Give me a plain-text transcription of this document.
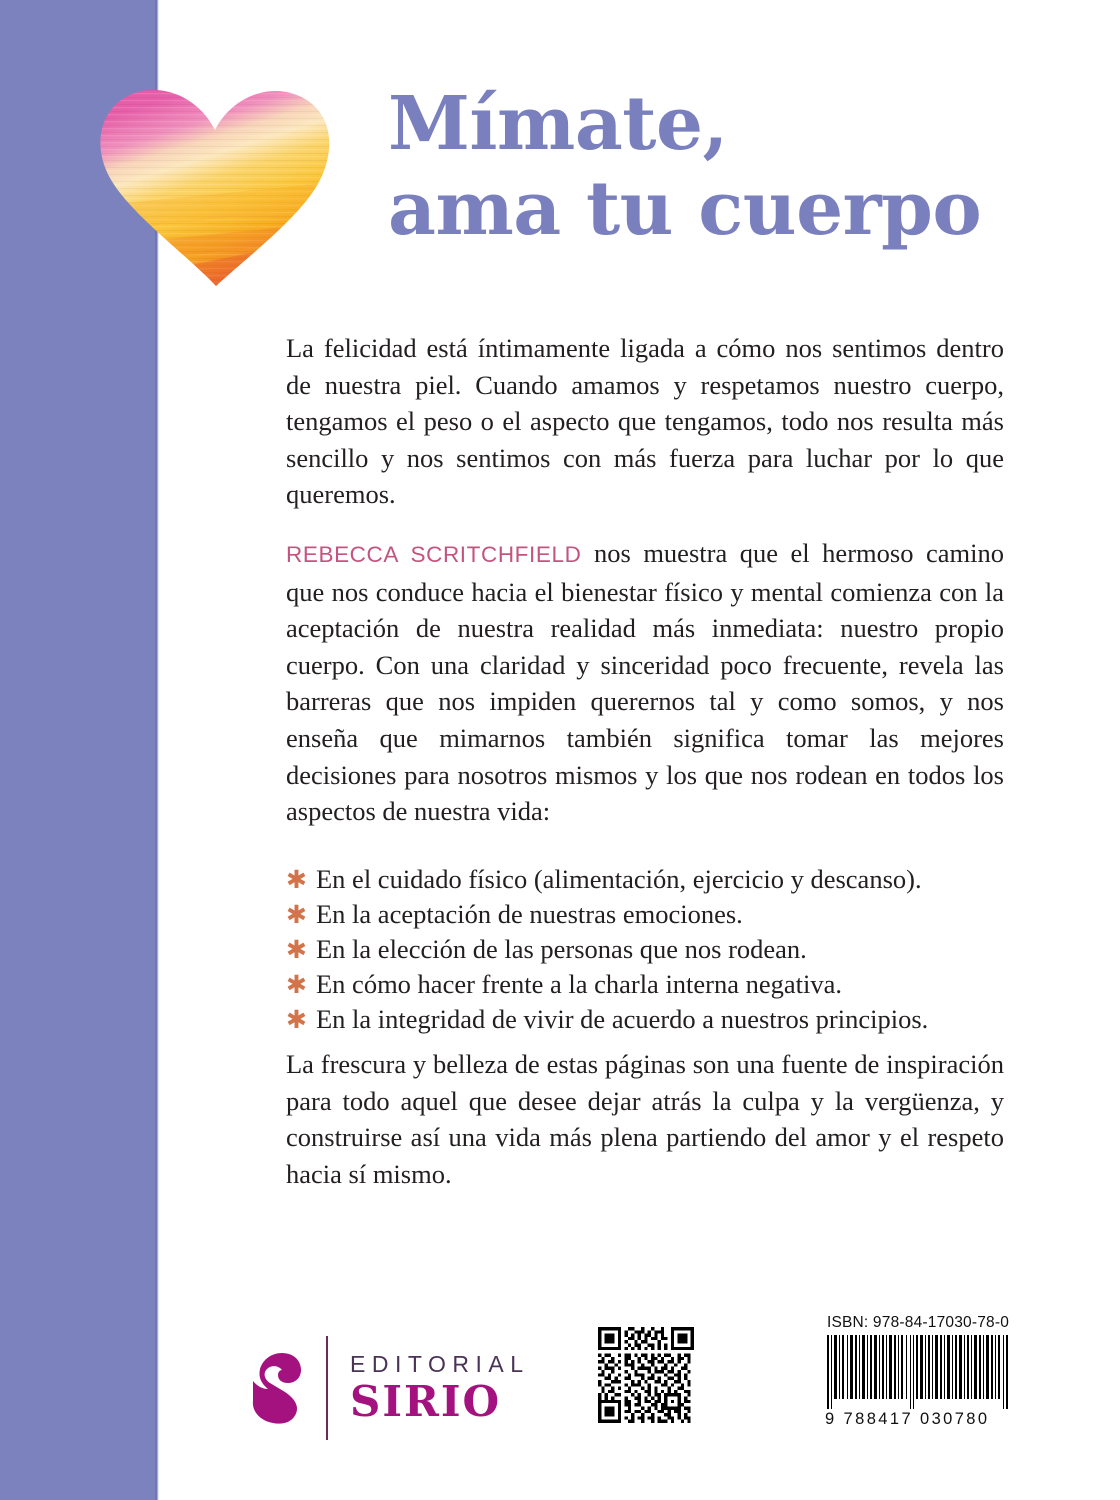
Mímate,
ama tu cuerpo

La felicidad está íntimamente ligada a cómo nos sentimos dentro de nuestra piel. Cuando amamos y respetamos nuestro cuerpo, tengamos el peso o el aspecto que tengamos, todo nos resulta más sencillo y nos sentimos con más fuerza para luchar por lo que queremos.

REBECCA SCRITCHFIELD nos muestra que el hermoso camino que nos conduce hacia el bienestar físico y mental comienza con la aceptación de nuestra realidad más inmediata: nuestro propio cuerpo. Con una claridad y sinceridad poco frecuente, revela las barreras que nos impiden querernos tal y como somos, y nos enseña que mimarnos también significa tomar las mejores decisiones para nosotros mismos y los que nos rodean en todos los aspectos de nuestra vida:

✱ En el cuidado físico (alimentación, ejercicio y descanso).
✱ En la aceptación de nuestras emociones.
✱ En la elección de las personas que nos rodean.
✱ En cómo hacer frente a la charla interna negativa.
✱ En la integridad de vivir de acuerdo a nuestros principios.

La frescura y belleza de estas páginas son una fuente de inspiración para todo aquel que desee dejar atrás la culpa y la vergüenza, y construirse así una vida más plena partiendo del amor y el respeto hacia sí mismo.

EDITORIAL
SIRIO
ISBN: 978-84-17030-78-0
9 788417 030780
